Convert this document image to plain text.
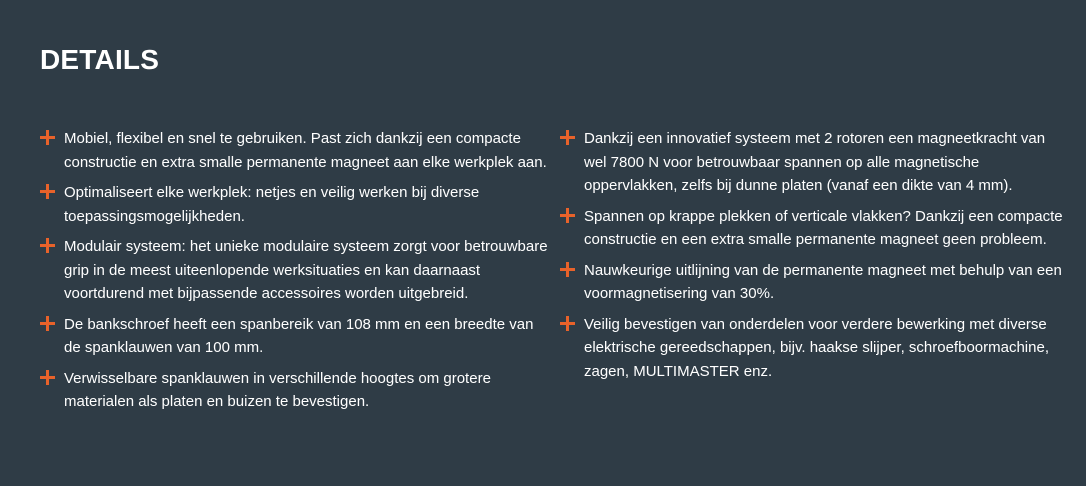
DETAILS
Mobiel, flexibel en snel te gebruiken. Past zich dankzij een compacte constructie en extra smalle permanente magneet aan elke werkplek aan.
Optimaliseert elke werkplek: netjes en veilig werken bij diverse toepassingsmogelijkheden.
Modulair systeem: het unieke modulaire systeem zorgt voor betrouwbare grip in de meest uiteenlopende werksituaties en kan daarnaast voortdurend met bijpassende accessoires worden uitgebreid.
De bankschroef heeft een spanbereik van 108 mm en een breedte van de spanklauwen van 100 mm.
Verwisselbare spanklauwen in verschillende hoogtes om grotere materialen als platen en buizen te bevestigen.
Dankzij een innovatief systeem met 2 rotoren een magneetkracht van wel 7800 N voor betrouwbaar spannen op alle magnetische oppervlakken, zelfs bij dunne platen (vanaf een dikte van 4 mm).
Spannen op krappe plekken of verticale vlakken? Dankzij een compacte constructie en een extra smalle permanente magneet geen probleem.
Nauwkeurige uitlijning van de permanente magneet met behulp van een voormagnetisering van 30%.
Veilig bevestigen van onderdelen voor verdere bewerking met diverse elektrische gereedschappen, bijv. haakse slijper, schroefboormachine, zagen, MULTIMASTER enz.
